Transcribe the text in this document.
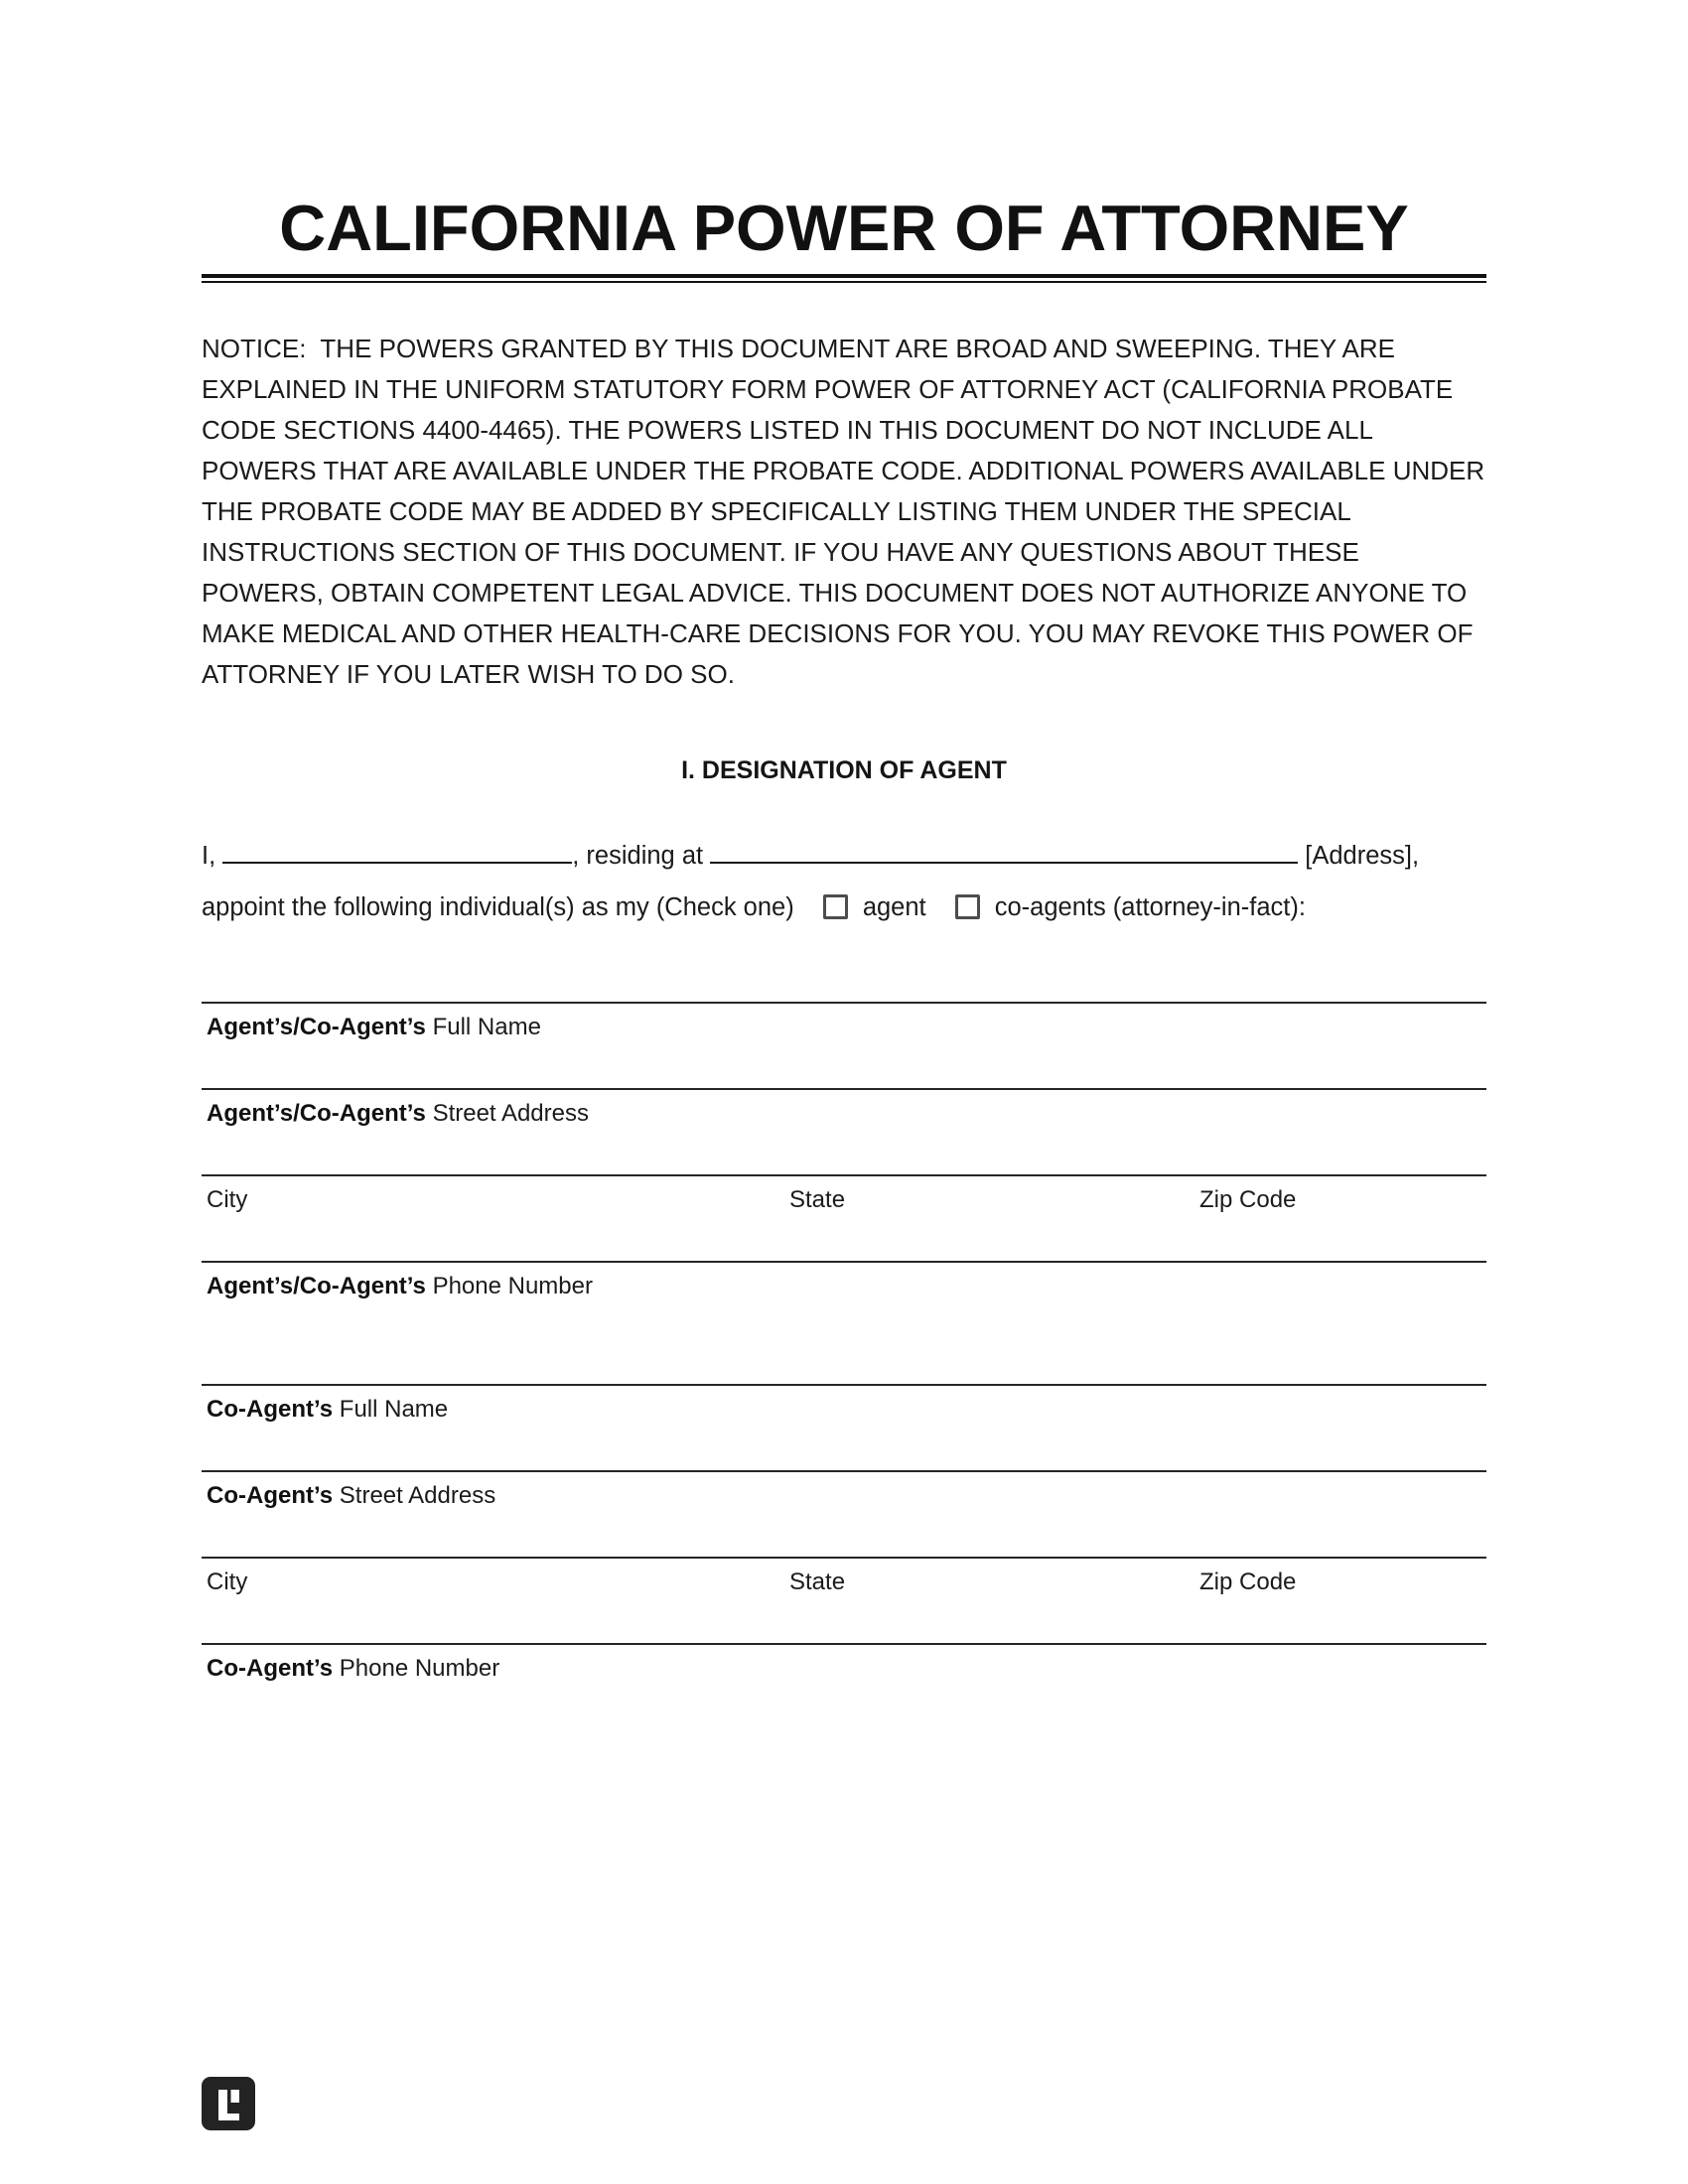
CALIFORNIA POWER OF ATTORNEY

NOTICE:  THE POWERS GRANTED BY THIS DOCUMENT ARE BROAD AND SWEEPING. THEY ARE EXPLAINED IN THE UNIFORM STATUTORY FORM POWER OF ATTORNEY ACT (CALIFORNIA PROBATE CODE SECTIONS 4400-4465). THE POWERS LISTED IN THIS DOCUMENT DO NOT INCLUDE ALL POWERS THAT ARE AVAILABLE UNDER THE PROBATE CODE. ADDITIONAL POWERS AVAILABLE UNDER THE PROBATE CODE MAY BE ADDED BY SPECIFICALLY LISTING THEM UNDER THE SPECIAL INSTRUCTIONS SECTION OF THIS DOCUMENT. IF YOU HAVE ANY QUESTIONS ABOUT THESE POWERS, OBTAIN COMPETENT LEGAL ADVICE. THIS DOCUMENT DOES NOT AUTHORIZE ANYONE TO MAKE MEDICAL AND OTHER HEALTH-CARE DECISIONS FOR YOU. YOU MAY REVOKE THIS POWER OF ATTORNEY IF YOU LATER WISH TO DO SO.

I. DESIGNATION OF AGENT

I,	, residing at	[Address],

appoint the following individual(s) as my (Check one)	agent	co-agents (attorney-in-fact):

Agent’s/Co-Agent’s Full Name
Agent’s/Co-Agent’s Street Address
City	State	Zip Code
Agent’s/Co-Agent’s Phone Number
Co-Agent’s Full Name
Co-Agent’s Street Address
City	State	Zip Code
Co-Agent’s Phone Number
